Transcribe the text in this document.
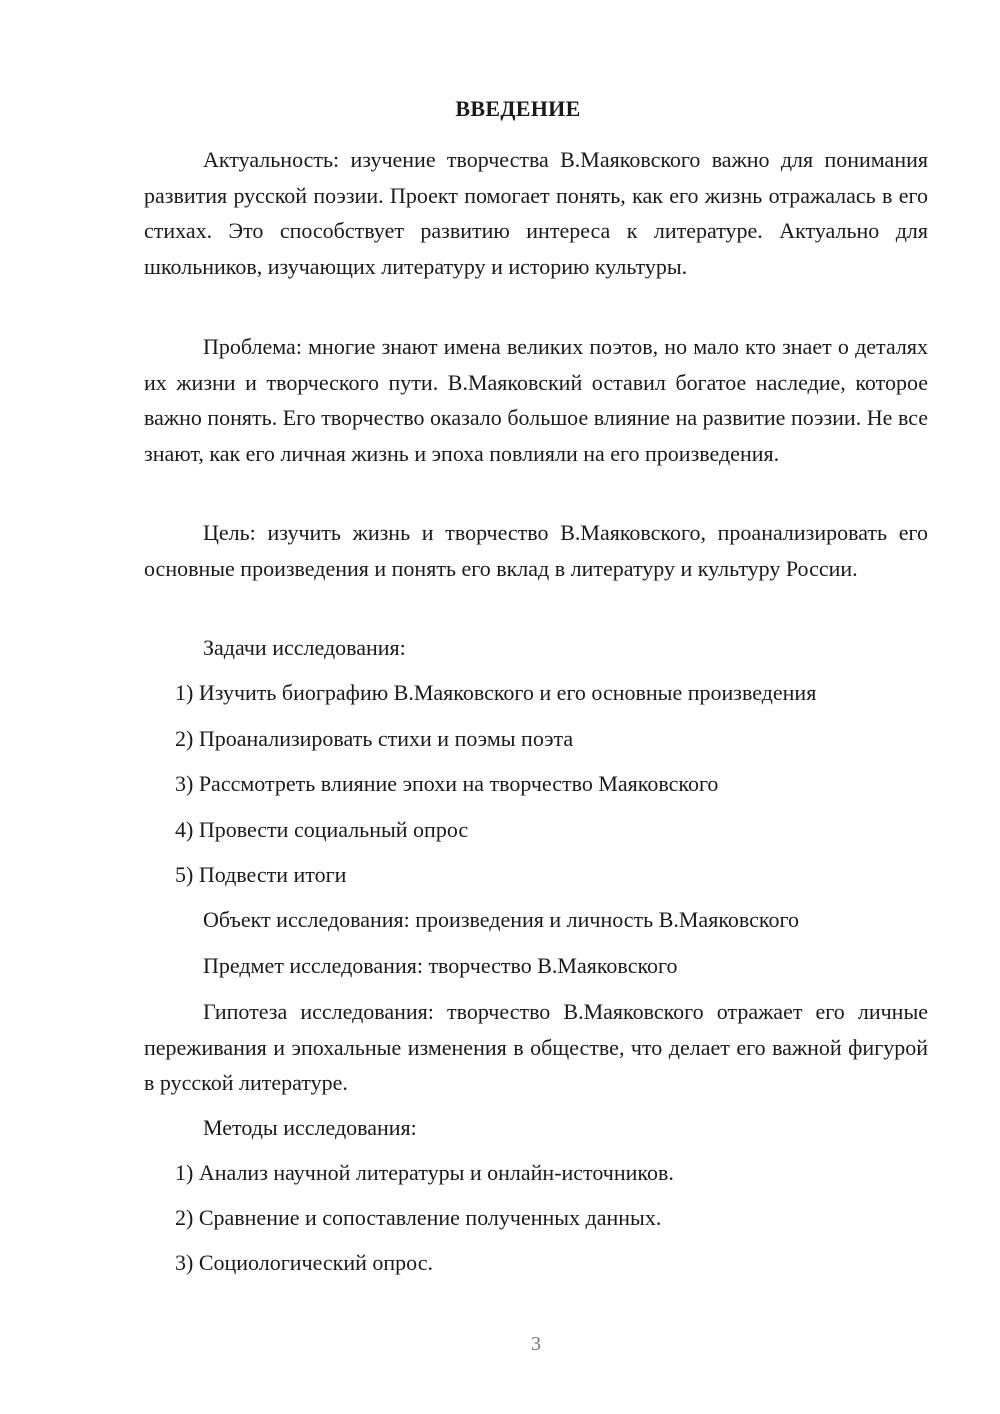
ВВЕДЕНИЕ

Актуальность: изучение творчества В.Маяковского важно для понимания развития русской поэзии. Проект помогает понять, как его жизнь отражалась в его стихах. Это способствует развитию интереса к литературе. Актуально для школьников, изучающих литературу и историю культуры.

Проблема: многие знают имена великих поэтов, но мало кто знает о деталях их жизни и творческого пути. В.Маяковский оставил богатое наследие, которое важно понять. Его творчество оказало большое влияние на развитие поэзии. Не все знают, как его личная жизнь и эпоха повлияли на его произведения.

Цель: изучить жизнь и творчество В.Маяковского, проанализировать его основные произведения и понять его вклад в литературу и культуру России.

Задачи исследования:

1) Изучить биографию В.Маяковского и его основные произведения

2) Проанализировать стихи и поэмы поэта

3) Рассмотреть влияние эпохи на творчество Маяковского

4) Провести социальный опрос

5) Подвести итоги

Объект исследования: произведения и личность В.Маяковского

Предмет исследования: творчество В.Маяковского

Гипотеза исследования: творчество В.Маяковского отражает его личные переживания и эпохальные изменения в обществе, что делает его важной фигурой в русской литературе.

Методы исследования:

1) Анализ научной литературы и онлайн-источников.

2) Сравнение и сопоставление полученных данных.

3) Социологический опрос.

3
